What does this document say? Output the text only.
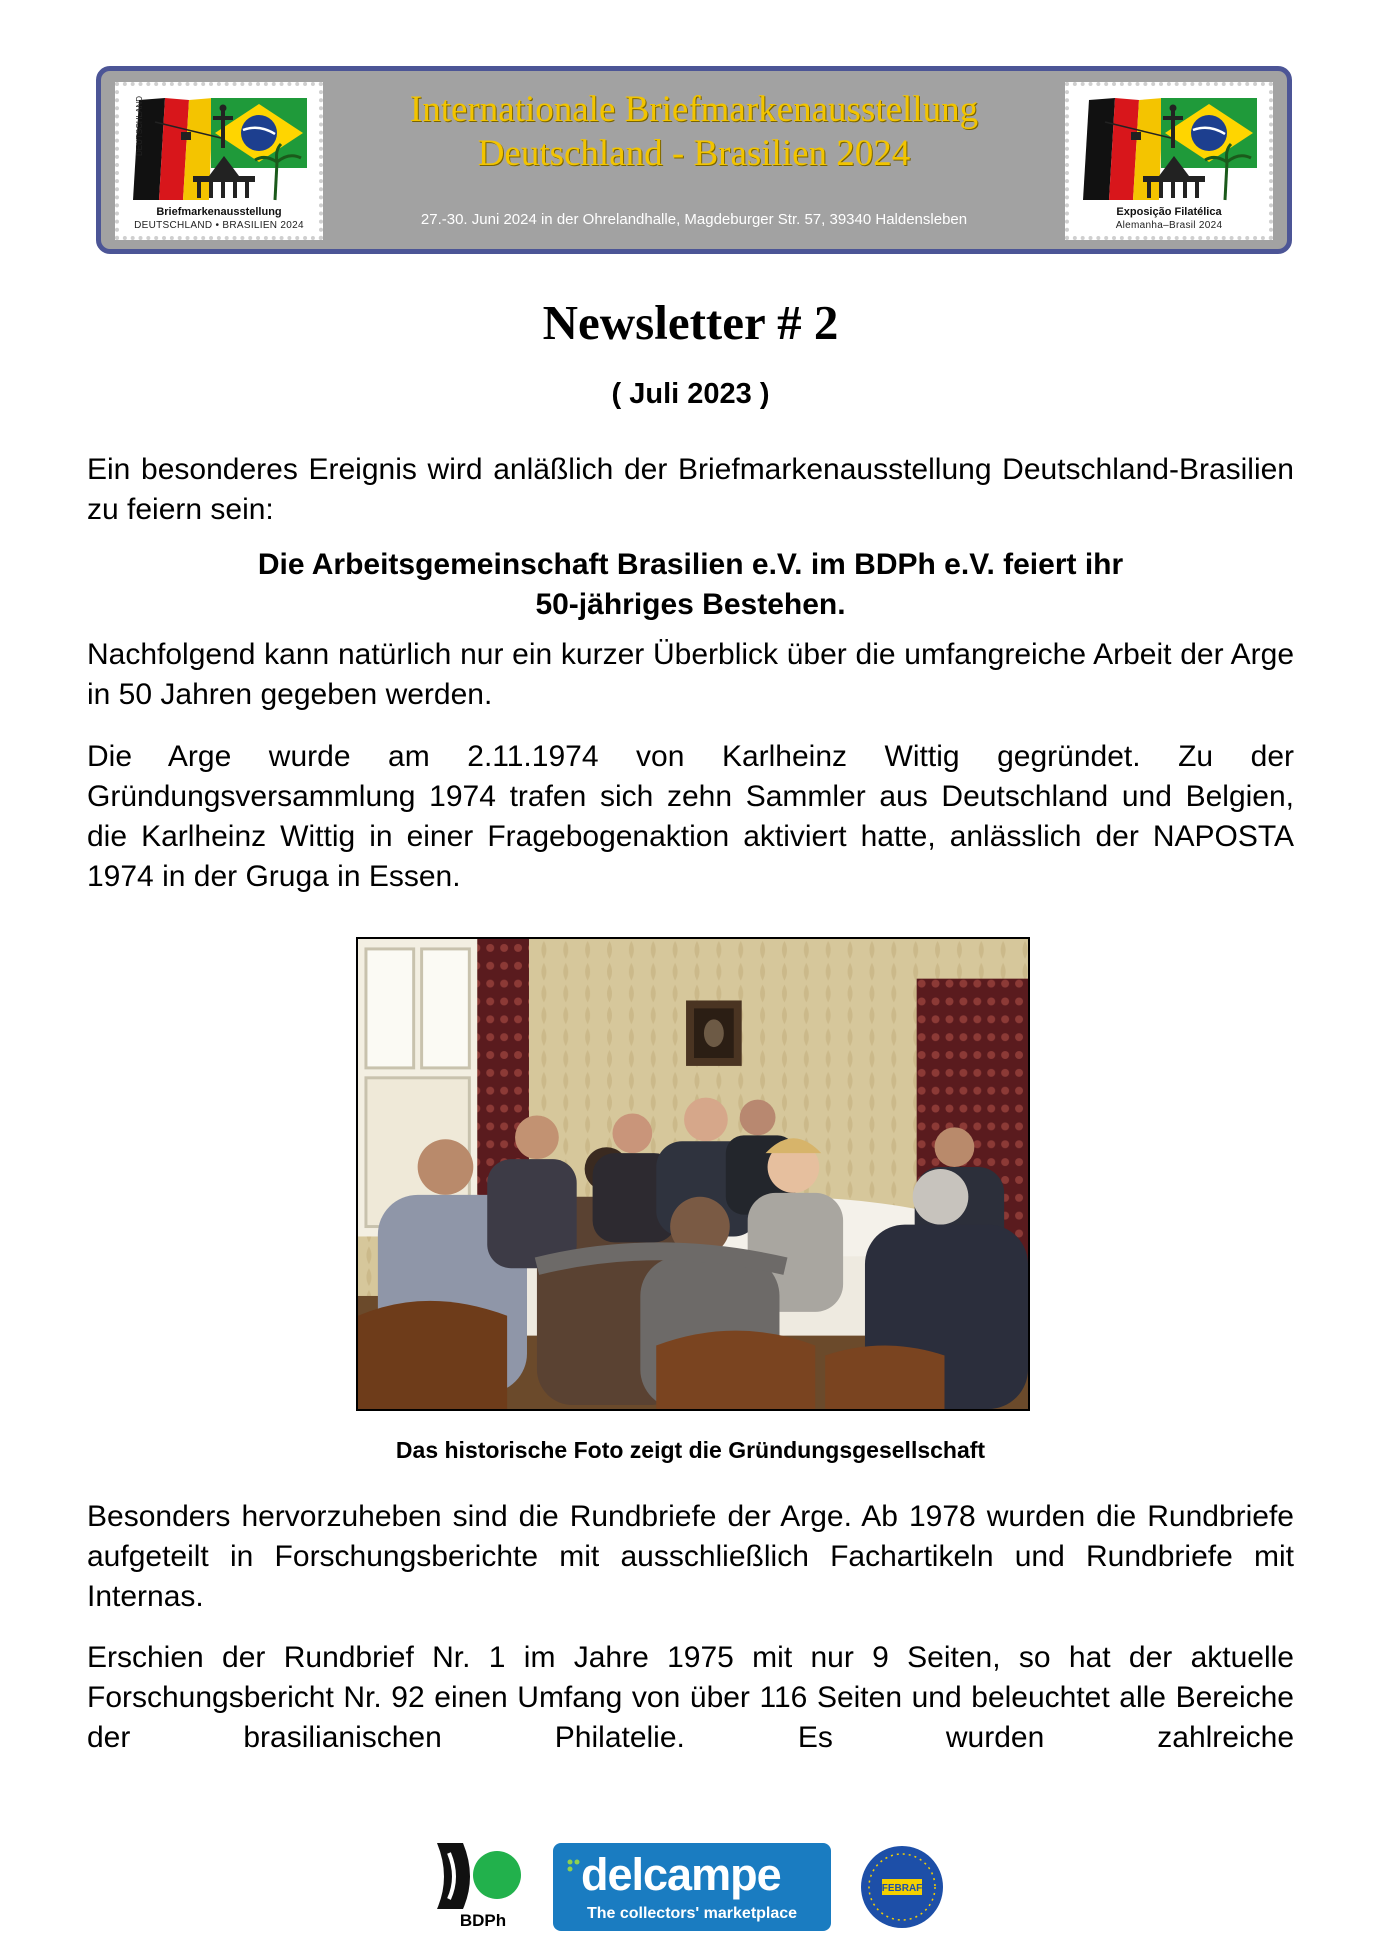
DEUTSCHLAND
Briefmarkenausstellung
DEUTSCHLAND • BRASILIEN 2024
Internationale Briefmarkenausstellung
Deutschland - Brasilien 2024
27.-30. Juni 2024 in der Ohrelandhalle, Magdeburger Str. 57, 39340 Haldensleben	Exposição Filatélica
Alemanha–Brasil 2024
Newsletter # 2
( Juli 2023 )
Ein besonderes Ereignis wird anläßlich der Briefmarkenausstellung Deutschland-Brasilien zu feiern sein:
Die Arbeitsgemeinschaft Brasilien e.V. im BDPh e.V. feiert ihr
50-jähriges Bestehen.
Nachfolgend kann natürlich nur ein kurzer Überblick über die umfangreiche Arbeit der Arge in 50 Jahren gegeben werden.
Die Arge wurde am 2.11.1974 von Karlheinz Wittig gegründet. Zu der Gründungsversammlung 1974 trafen sich zehn Sammler aus Deutschland und Belgien, die Karlheinz Wittig in einer Fragebogenaktion aktiviert hatte, anlässlich der NAPOSTA 1974 in der Gruga in Essen.
Das historische Foto zeigt die Gründungsgesellschaft
Besonders hervorzuheben sind die Rundbriefe der Arge. Ab 1978 wurden die Rundbriefe aufgeteilt in Forschungsberichte mit ausschließlich Fachartikeln und Rundbriefe mit Internas.
Erschien der Rundbrief Nr. 1 im Jahre 1975 mit nur 9 Seiten, so hat der aktuelle Forschungsbericht Nr. 92 einen Umfang von über 116 Seiten und beleuchtet alle Bereiche der brasilianischen Philatelie. Es wurden zahlreiche
BDPh
delcampe
The collectors' marketplace
FEBRAF
